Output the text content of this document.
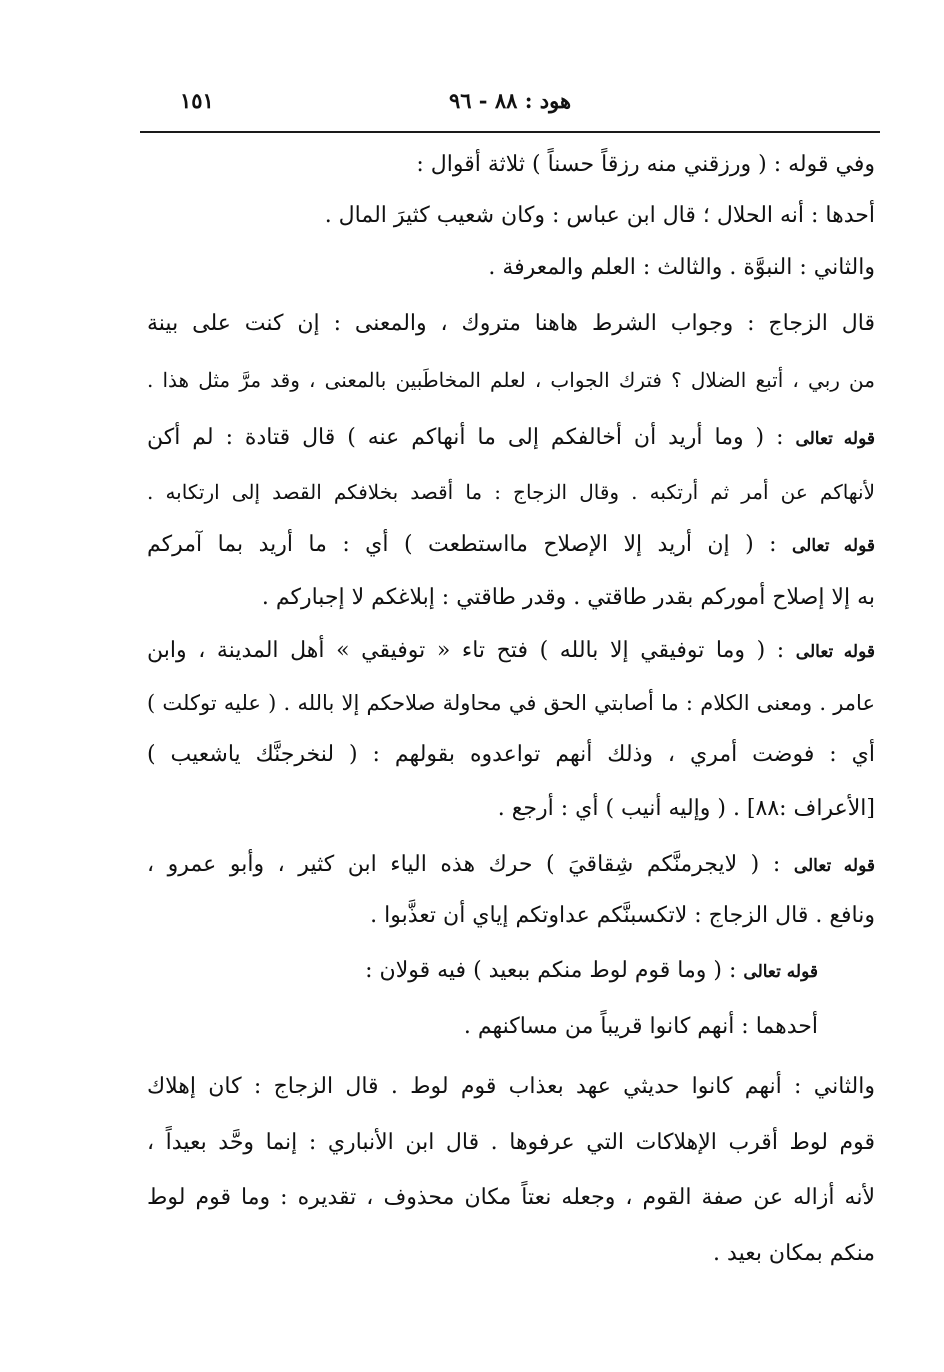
هود : ٨٨ - ٩٦
١٥١
وفي قوله : ( ورزقني منه رزقاً حسناً ) ثلاثة أقوال :
أحدها : أنه الحلال ؛ قال ابن عباس : وكان شعيب كثيرَ المال .
والثاني : النبوَّة . والثالث : العلم والمعرفة .
قال الزجاج : وجواب الشرط هاهنا متروك ، والمعنى : إن كنت على بينة
من ربي ، أتبع الضلال ؟ فترك الجواب ، لعلم المخاطَبين بالمعنى ، وقد مرَّ مثل هذا .
قوله تعالى : ( وما أريد أن أخالفكم إلى ما أنهاكم عنه ) قال قتادة : لم أكن
لأنهاكم عن أمر ثم أرتكبه . وقال الزجاج : ما أقصد بخلافكم القصد إلى ارتكابه .
قوله تعالى : ( إن أريد إلا الإصلاح مااستطعت ) أي : ما أريد بما آمركم
به إلا إصلاح أموركم بقدر طاقتي . وقدر طاقتي : إبلاغكم لا إجباركم .
قوله تعالى : ( وما توفيقي إلا بالله ) فتح تاء « توفيقي » أهل المدينة ، وابن
عامر . ومعنى الكلام : ما أصابتي الحق في محاولة صلاحكم إلا بالله . ( عليه توكلت )
أي : فوضت أمري ، وذلك أنهم تواعدوه بقولهم : ( لنخرجنَّك ياشعيب )
[الأعراف :٨٨] . ( وإليه أنيب ) أي : أرجع .
قوله تعالى : ( لايجرمنَّكم شِقاقيَ ) حرك هذه الياء ابن كثير ، وأبو عمرو ،
ونافع . قال الزجاج : لاتكسبنَّكم عداوتكم إياي أن تعذَّبوا .
قوله تعالى : ( وما قوم لوط منكم ببعيد ) فيه قولان :
أحدهما : أنهم كانوا قريباً من مساكنهم .
والثاني : أنهم كانوا حديثي عهد بعذاب قوم لوط . قال الزجاج : كان إهلاك
قوم لوط أقرب الإهلاكات التي عرفوها . قال ابن الأنباري : إنما وحَّد بعيداً ،
لأنه أزاله عن صفة القوم ، وجعله نعتاً مكان محذوف ، تقديره : وما قوم لوط
منكم بمكان بعيد .
